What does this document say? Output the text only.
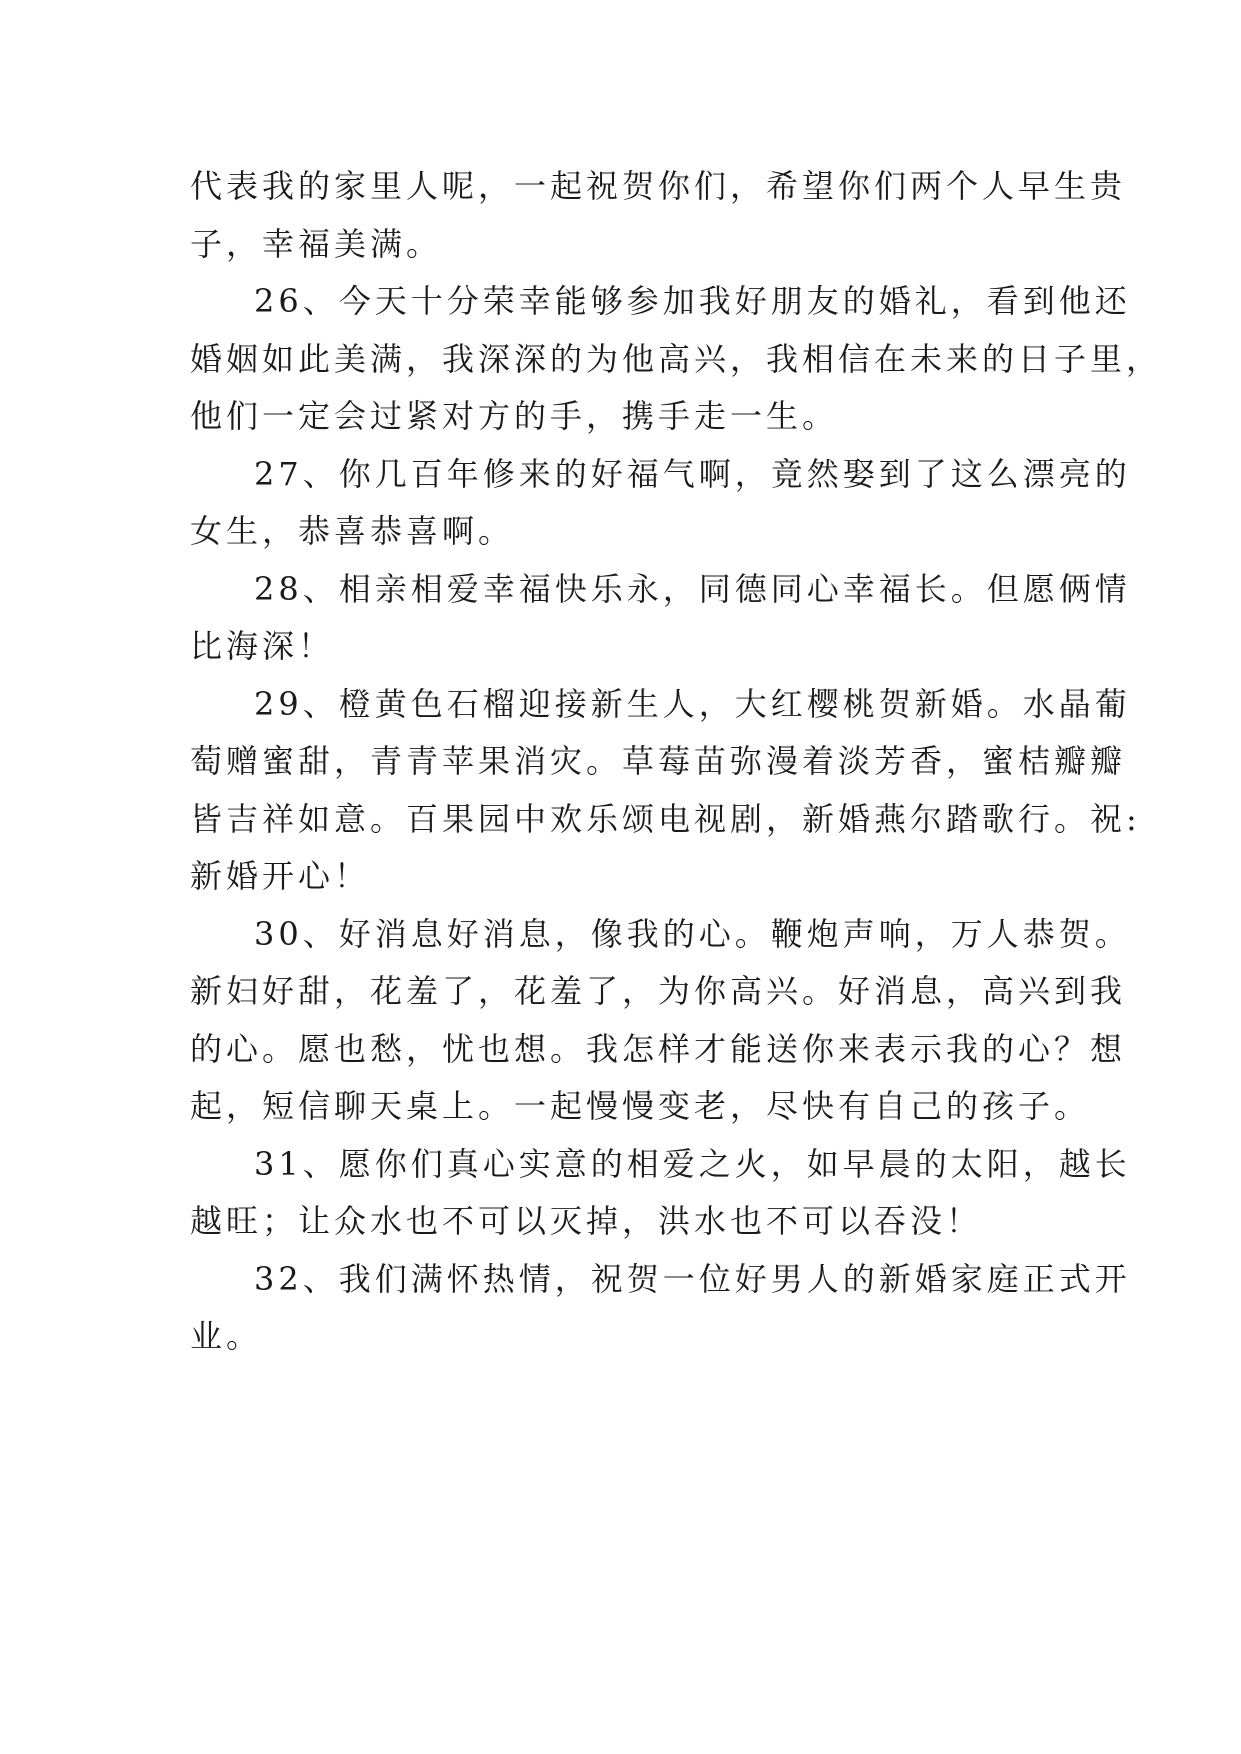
代表我的家里人呢，一起祝贺你们，希望你们两个人早生贵
子，幸福美满。
26、今天十分荣幸能够参加我好朋友的婚礼，看到他还
婚姻如此美满，我深深的为他高兴，我相信在未来的日子里，
他们一定会过紧对方的手，携手走一生。
27、你几百年修来的好福气啊，竟然娶到了这么漂亮的
女生，恭喜恭喜啊。
28、相亲相爱幸福快乐永，同德同心幸福长。但愿俩情
比海深！
29、橙黄色石榴迎接新生人，大红樱桃贺新婚。水晶葡
萄赠蜜甜，青青苹果消灾。草莓苗弥漫着淡芳香，蜜桔瓣瓣
皆吉祥如意。百果园中欢乐颂电视剧，新婚燕尔踏歌行。祝:
新婚开心！
30、好消息好消息，像我的心。鞭炮声响，万人恭贺。
新妇好甜，花羞了，花羞了，为你高兴。好消息，高兴到我
的心。愿也愁，忧也想。我怎样才能送你来表示我的心？想
起，短信聊天桌上。一起慢慢变老，尽快有自己的孩子。
31、愿你们真心实意的相爱之火，如早晨的太阳，越长
越旺；让众水也不可以灭掉，洪水也不可以吞没！
32、我们满怀热情，祝贺一位好男人的新婚家庭正式开
业。
